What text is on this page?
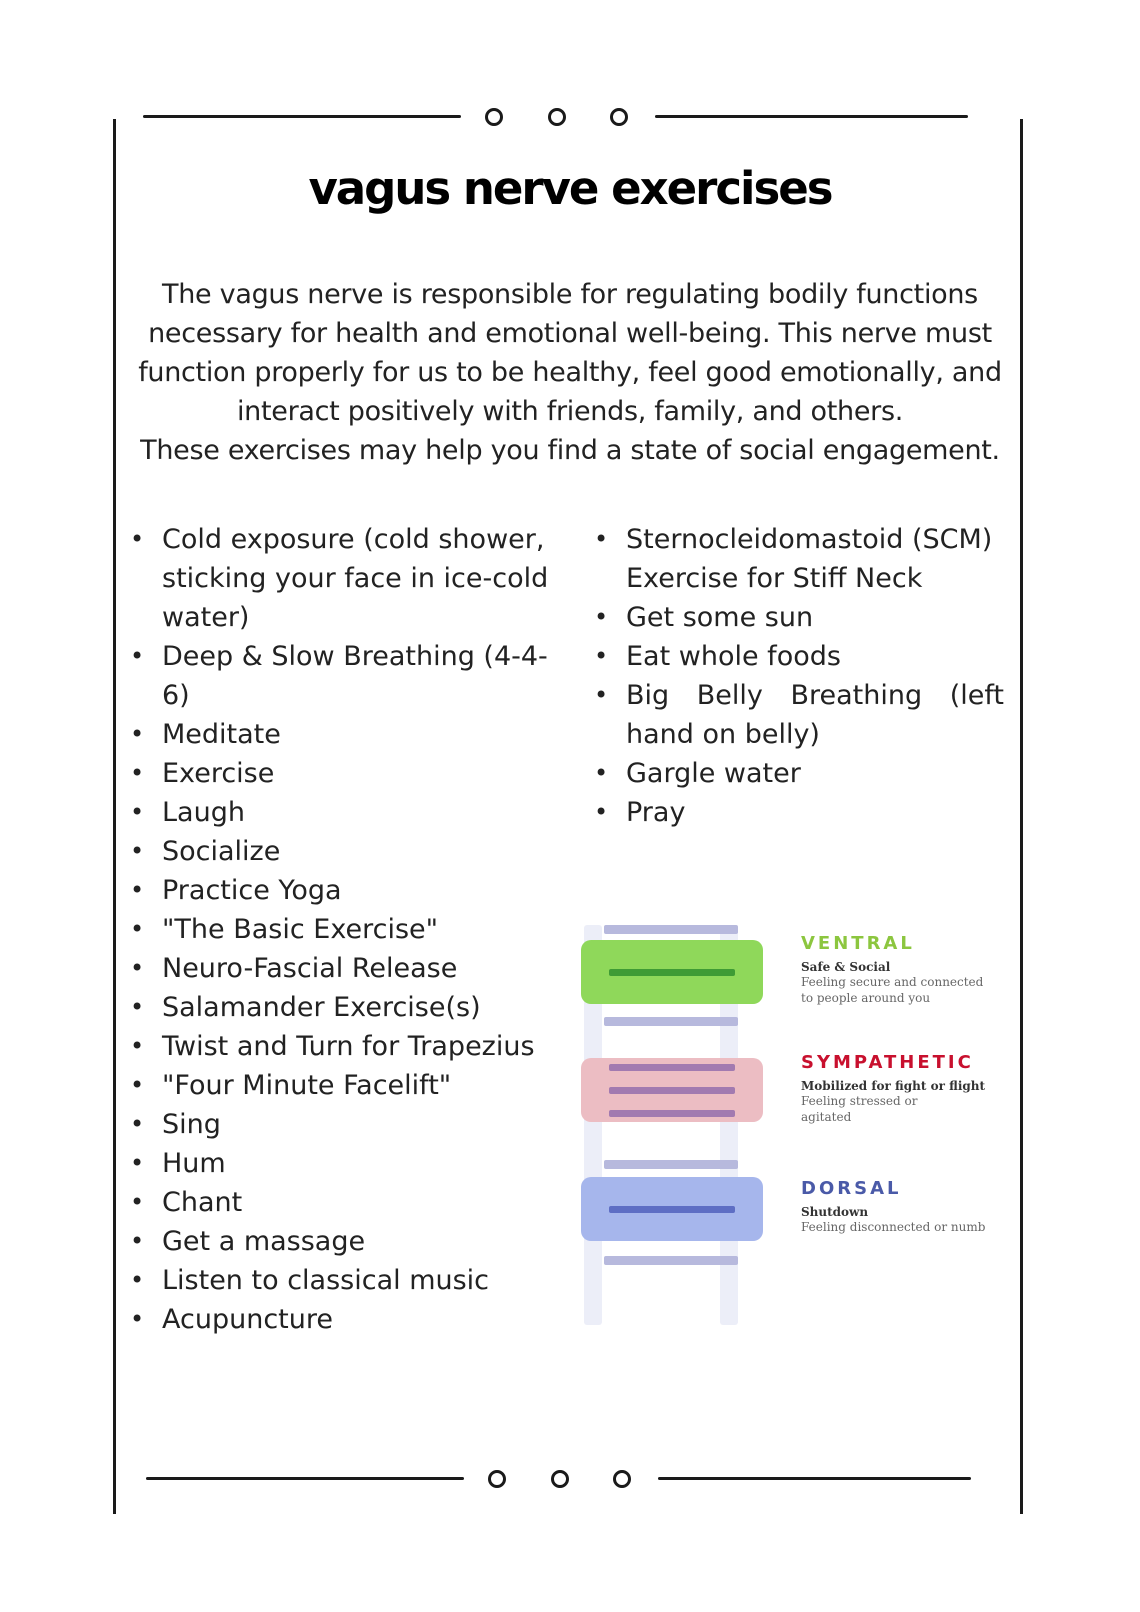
vagus nerve exercises
The vagus nerve is responsible for regulating bodily functions
necessary for health and emotional well-being. This nerve must
function properly for us to be healthy, feel good emotionally, and
interact positively with friends, family, and others.
These exercises may help you find a state of social engagement.
• Cold exposure (cold shower, sticking your face in ice-cold water)
• Deep & Slow Breathing (4-4-6)
• Meditate
• Exercise
• Laugh
• Socialize
• Practice Yoga
• "The Basic Exercise"
• Neuro-Fascial Release
• Salamander Exercise(s)
• Twist and Turn for Trapezius
• "Four Minute Facelift"
• Sing
• Hum
• Chant
• Get a massage
• Listen to classical music
• Acupuncture
• Sternocleidomastoid (SCM) Exercise for Stiff Neck
• Get some sun
• Eat whole foods
• Big Belly Breathing (left hand on belly)
• Gargle water
• Pray
VENTRAL
Safe & Social
Feeling secure and connected
to people around you
SYMPATHETIC
Mobilized for fight or flight
Feeling stressed or
agitated
DORSAL
Shutdown
Feeling disconnected or numb
